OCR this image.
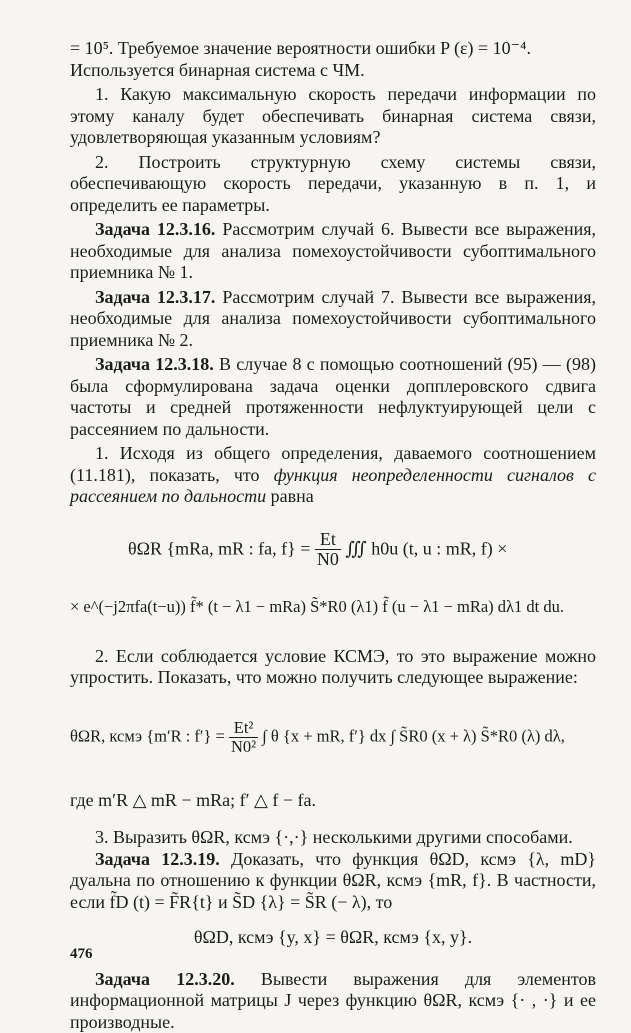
= 10⁵. Требуемое значение вероятности ошибки P (ε) = 10⁻⁴.

Используется бинарная система с ЧМ.

1. Какую максимальную скорость передачи информации по этому каналу будет обеспечивать бинарная система связи, удовлетворяющая указанным условиям?

2. Построить структурную схему системы связи, обеспечивающую скорость передачи, указанную в п. 1, и определить ее параметры.

Задача 12.3.16. Рассмотрим случай 6. Вывести все выражения, необходимые для анализа помехоустойчивости субоптимального приемника № 1.

Задача 12.3.17. Рассмотрим случай 7. Вывести все выражения, необходимые для анализа помехоустойчивости субоптимального приемника № 2.

Задача 12.3.18. В случае 8 с помощью соотношений (95) — (98) была сформулирована задача оценки допплеровского сдвига частоты и средней протяженности нефлуктуирующей цели с рассеянием по дальности.

1. Исходя из общего определения, даваемого соотношением (11.181), показать, что функция неопределенности сигналов с рассеянием по дальности равна

θΩR {mRa, mR : fa, $f\} = \frac{Et}{N0}$ ∭ h0u (t, u : mR, f) ×
× e^(−j2πfa(t−u)) f̃* (t − λ1 − mRa) S̃*R0 (λ1) f̃ (u − λ1 − mRa) dλ1 dt du.

2. Если соблюдается условие КСМЭ, то это выражение можно упростить. Показать, что можно получить следующее выражение:

θΩR, ксмэ {m′R : $f'\} = \frac{\text{Et²}}{\text{N0²}}$ ∫ θ {x + mR, f′} dx ∫ S̃R0 (x + λ) S̃*R0 (λ) dλ,

где m′R △ mR − mRa; f′ △ f − fa.

3. Выразить θΩR, ксмэ {·,·} несколькими другими способами.

Задача 12.3.19. Доказать, что функция θΩD, ксмэ {λ, mD} дуальна по отношению к функции θΩR, ксмэ {mR, f}. В частности, если f̃D (t) = F̃R{t} и S̃D {λ} = S̃R (− λ), то

θΩD, ксмэ {y, x} = θΩR, ксмэ {x, y}.

Задача 12.3.20. Вывести выражения для элементов информационной матрицы J через функцию θΩR, ксмэ {· , ·} и ее производные.

476
